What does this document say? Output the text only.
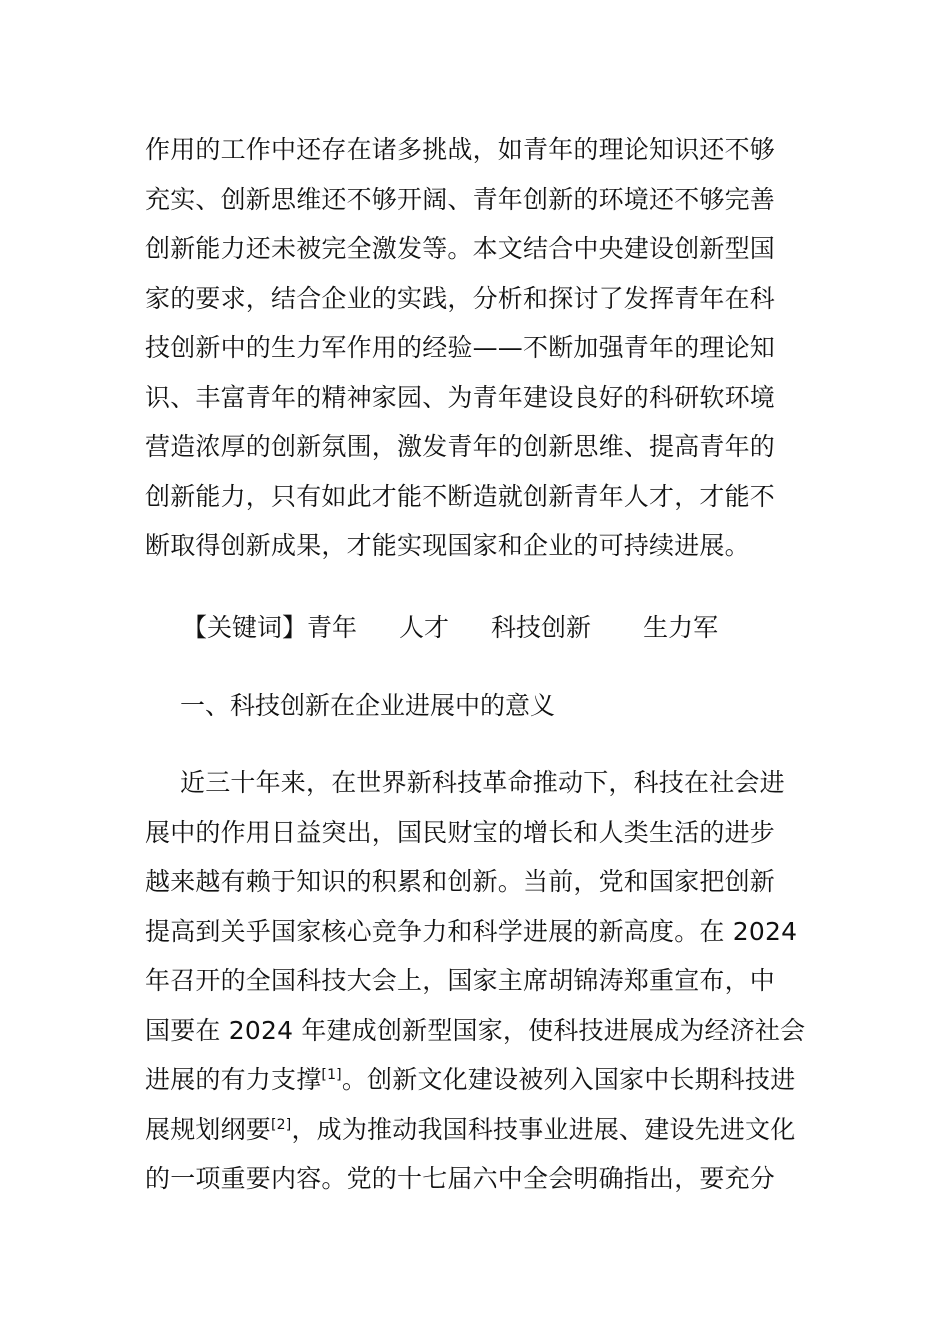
作用的工作中还存在诸多挑战，如青年的理论知识还不够
充实、创新思维还不够开阔、青年创新的环境还不够完善
创新能力还未被完全激发等。本文结合中央建设创新型国
家的要求，结合企业的实践，分析和探讨了发挥青年在科
技创新中的生力军作用的经验——不断加强青年的理论知
识、丰富青年的精神家园、为青年建设良好的科研软环境
营造浓厚的创新氛围，激发青年的创新思维、提高青年的
创新能力，只有如此才能不断造就创新青年人才，才能不
断取得创新成果，才能实现国家和企业的可持续进展。
【关键词】青年 人才 科技创新 生力军
一、科技创新在企业进展中的意义
近三十年来，在世界新科技革命推动下，科技在社会进
展中的作用日益突出，国民财宝的增长和人类生活的进步
越来越有赖于知识的积累和创新。当前，党和国家把创新
提高到关乎国家核心竞争力和科学进展的新高度。在 2024
年召开的全国科技大会上，国家主席胡锦涛郑重宣布，中
国要在 2024 年建成创新型国家，使科技进展成为经济社会
进展的有力支撑[1]。创新文化建设被列入国家中长期科技进
展规划纲要[2]，成为推动我国科技事业进展、建设先进文化
的一项重要内容。党的十七届六中全会明确指出，要充分
